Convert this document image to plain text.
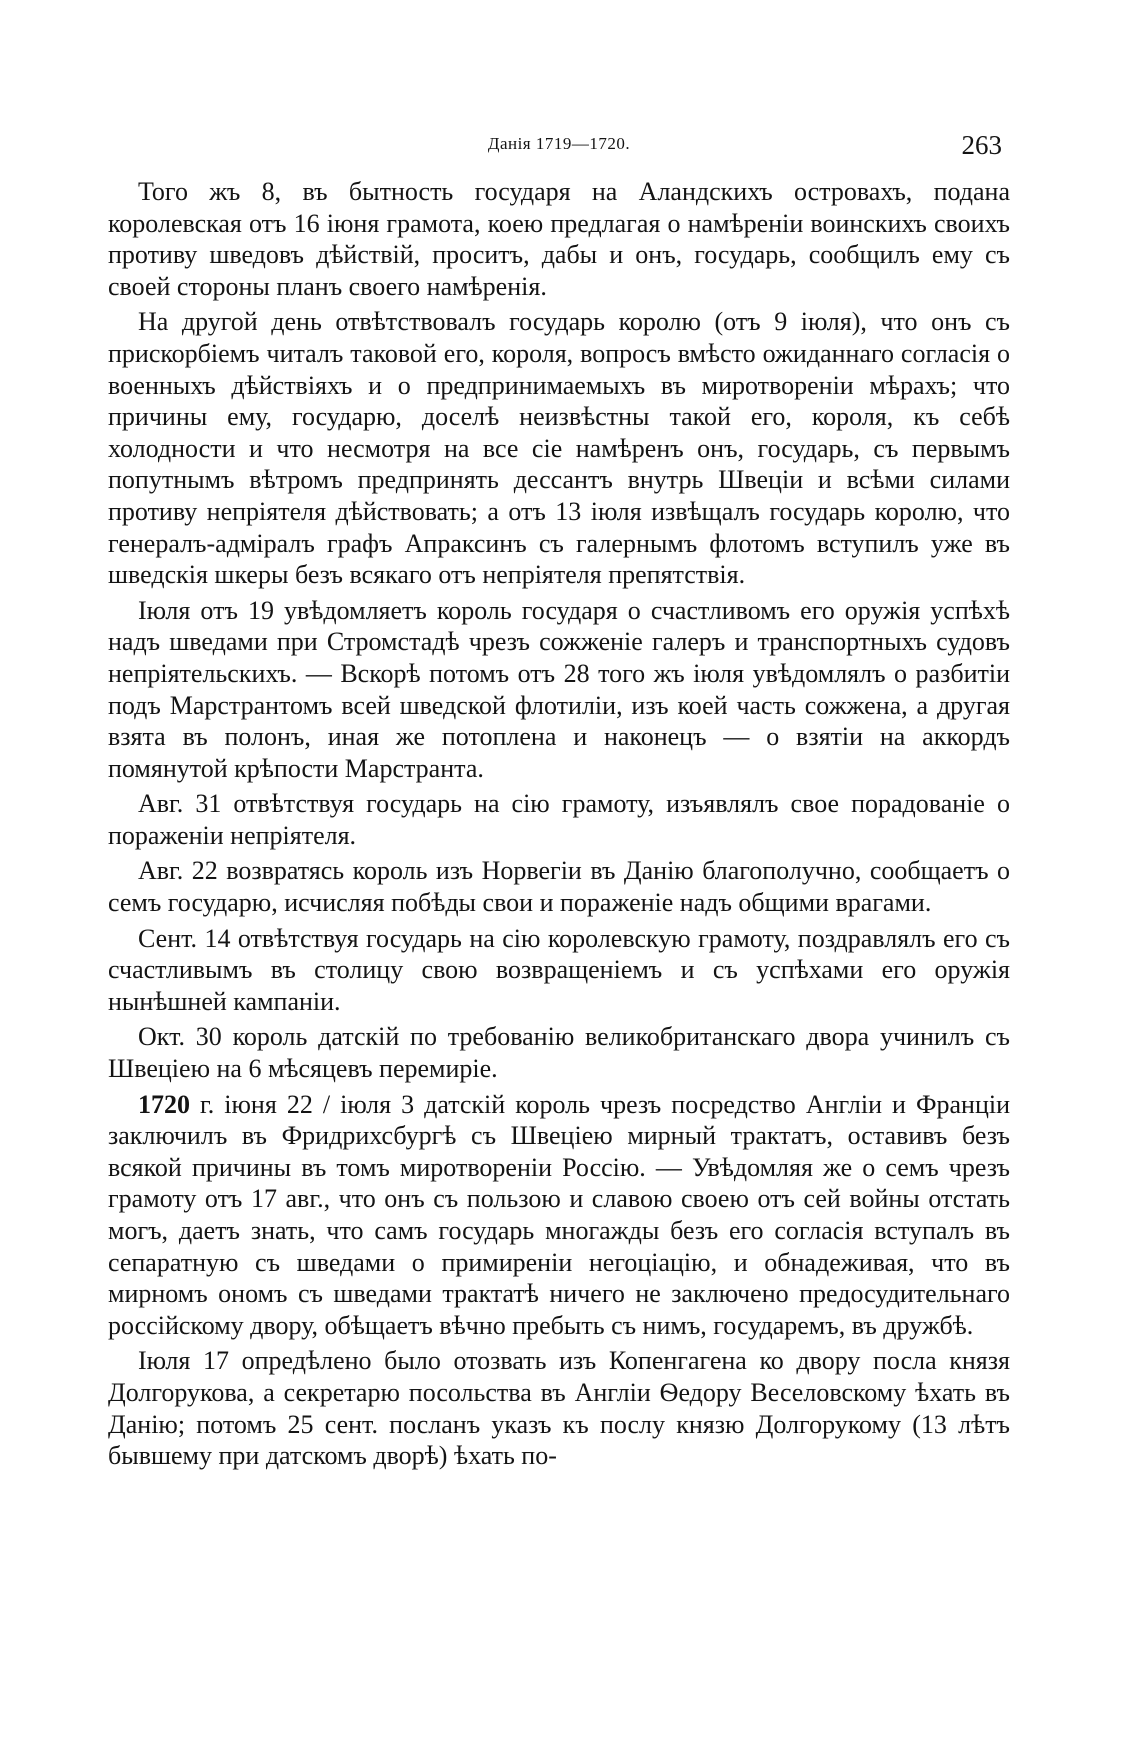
Данія 1719—1720.	263

Того жъ 8, въ бытность государя на Аландскихъ островахъ, подана королевская отъ 16 іюня грамота, коею предлагая о намѣреніи воинскихъ своихъ противу шведовъ дѣйствій, проситъ, дабы и онъ, государь, сообщилъ ему съ своей стороны планъ своего намѣренія.

На другой день отвѣтствовалъ государь королю (отъ 9 іюля), что онъ съ прискорбіемъ читалъ таковой его, короля, вопросъ вмѣсто ожиданнаго согласія о военныхъ дѣйствіяхъ и о предпринимаемыхъ въ миротвореніи мѣрахъ; что причины ему, государю, доселѣ неизвѣстны такой его, короля, къ себѣ холодности и что несмотря на все сіе намѣренъ онъ, государь, съ первымъ попутнымъ вѣтромъ предпринять дессантъ внутрь Швеціи и всѣми силами противу непріятеля дѣйствовать; а отъ 13 іюля извѣщалъ государь королю, что генералъ-адміралъ графъ Апраксинъ съ галернымъ флотомъ вступилъ уже въ шведскія шкеры безъ всякаго отъ непріятеля препятствія.

Іюля отъ 19 увѣдомляетъ король государя о счастливомъ его оружія успѣхѣ надъ шведами при Стромстадѣ чрезъ сожженіе галеръ и транспортныхъ судовъ непріятельскихъ. — Вскорѣ потомъ отъ 28 того жъ іюля увѣдомлялъ о разбитіи подъ Марстрантомъ всей шведской флотиліи, изъ коей часть сожжена, а другая взята въ полонъ, иная же потоплена и наконецъ — о взятіи на аккордъ помянутой крѣпости Марстранта.

Авг. 31 отвѣтствуя государь на сію грамоту, изъявлялъ свое порадованіе о пораженіи непріятеля.

Авг. 22 возвратясь король изъ Норвегіи въ Данію благополучно, сообщаетъ о семъ государю, исчисляя побѣды свои и пораженіе надъ общими врагами.

Сент. 14 отвѣтствуя государь на сію королевскую грамоту, поздравлялъ его съ счастливымъ въ столицу свою возвращеніемъ и съ успѣхами его оружія нынѣшней кампаніи.

Окт. 30 король датскій по требованію великобританскаго двора учинилъ съ Швеціею на 6 мѣсяцевъ перемиріе.

1720 г. іюня 22 / іюля 3 датскій король чрезъ посредство Англіи и Франціи заключилъ въ Фридрихсбургѣ съ Швеціею мирный трактатъ, оставивъ безъ всякой причины въ томъ миротвореніи Россію. — Увѣдомляя же о семъ чрезъ грамоту отъ 17 авг., что онъ съ пользою и славою своею отъ сей войны отстать могъ, даетъ знать, что самъ государь многажды безъ его согласія вступалъ въ сепаратную съ шведами о примиреніи негоціацію, и обнадеживая, что въ мирномъ ономъ съ шведами трактатѣ ничего не заключено предосудительнаго россійскому двору, обѣщаетъ вѣчно пребыть съ нимъ, государемъ, въ дружбѣ.

Іюля 17 опредѣлено было отозвать изъ Копенгагена ко двору посла князя Долгорукова, а секретарю посольства въ Англіи Ѳедору Веселовскому ѣхать въ Данію; потомъ 25 сент. посланъ указъ къ послу князю Долгорукому (13 лѣтъ бывшему при датскомъ дворѣ) ѣхать по-
